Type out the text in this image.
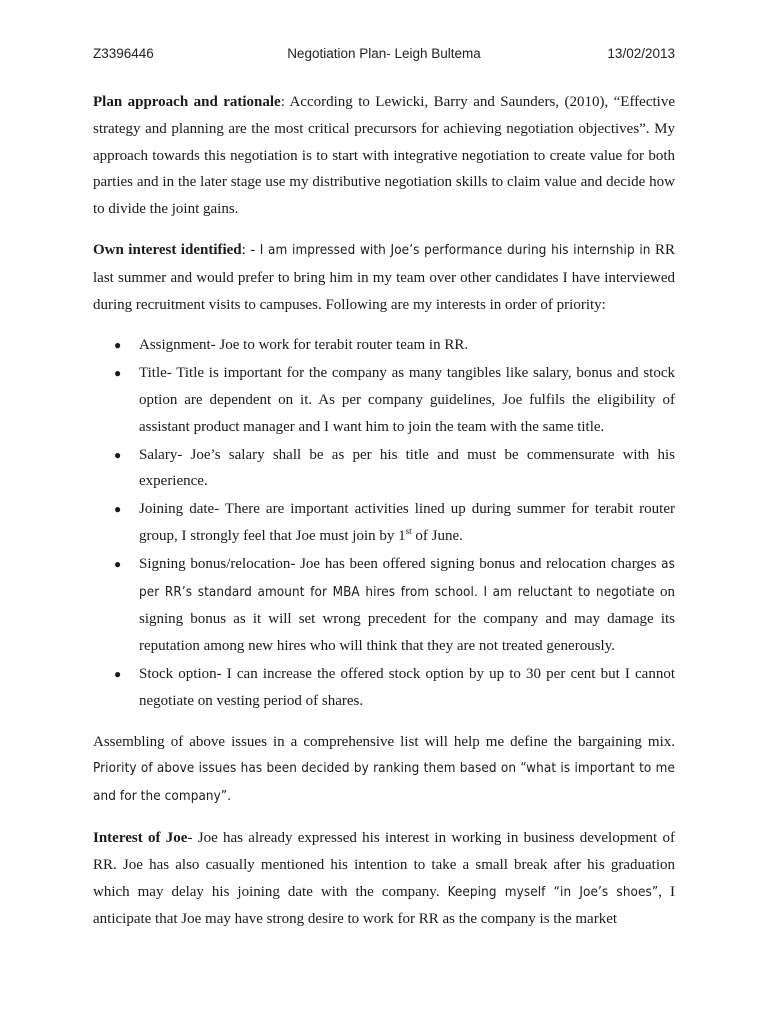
Z3396446	Negotiation Plan- Leigh Bultema	13/02/2013

Plan approach and rationale: According to Lewicki, Barry and Saunders, (2010), “Effective strategy and planning are the most critical precursors for achieving negotiation objectives”. My approach towards this negotiation is to start with integrative negotiation to create value for both parties and in the later stage use my distributive negotiation skills to claim value and decide how to divide the joint gains.

Own interest identified: - I am impressed with Joe’s performance during his internship in RR last summer and would prefer to bring him in my team over other candidates I have interviewed during recruitment visits to campuses. Following are my interests in order of priority:

● Assignment- Joe to work for terabit router team in RR.
● Title- Title is important for the company as many tangibles like salary, bonus and stock option are dependent on it. As per company guidelines, Joe fulfils the eligibility of assistant product manager and I want him to join the team with the same title.
● Salary- Joe’s salary shall be as per his title and must be commensurate with his experience.
● Joining date- There are important activities lined up during summer for terabit router group, I strongly feel that Joe must join by 1st of June.
● Signing bonus/relocation- Joe has been offered signing bonus and relocation charges as per RR’s standard amount for MBA hires from school. I am reluctant to negotiate on signing bonus as it will set wrong precedent for the company and may damage its reputation among new hires who will think that they are not treated generously.
● Stock option- I can increase the offered stock option by up to 30 per cent but I cannot negotiate on vesting period of shares.

Assembling of above issues in a comprehensive list will help me define the bargaining mix. Priority of above issues has been decided by ranking them based on “what is important to me and for the company”.

Interest of Joe- Joe has already expressed his interest in working in business development of RR. Joe has also casually mentioned his intention to take a small break after his graduation which may delay his joining date with the company. Keeping myself “in Joe’s shoes”, I anticipate that Joe may have strong desire to work for RR as the company is the market
